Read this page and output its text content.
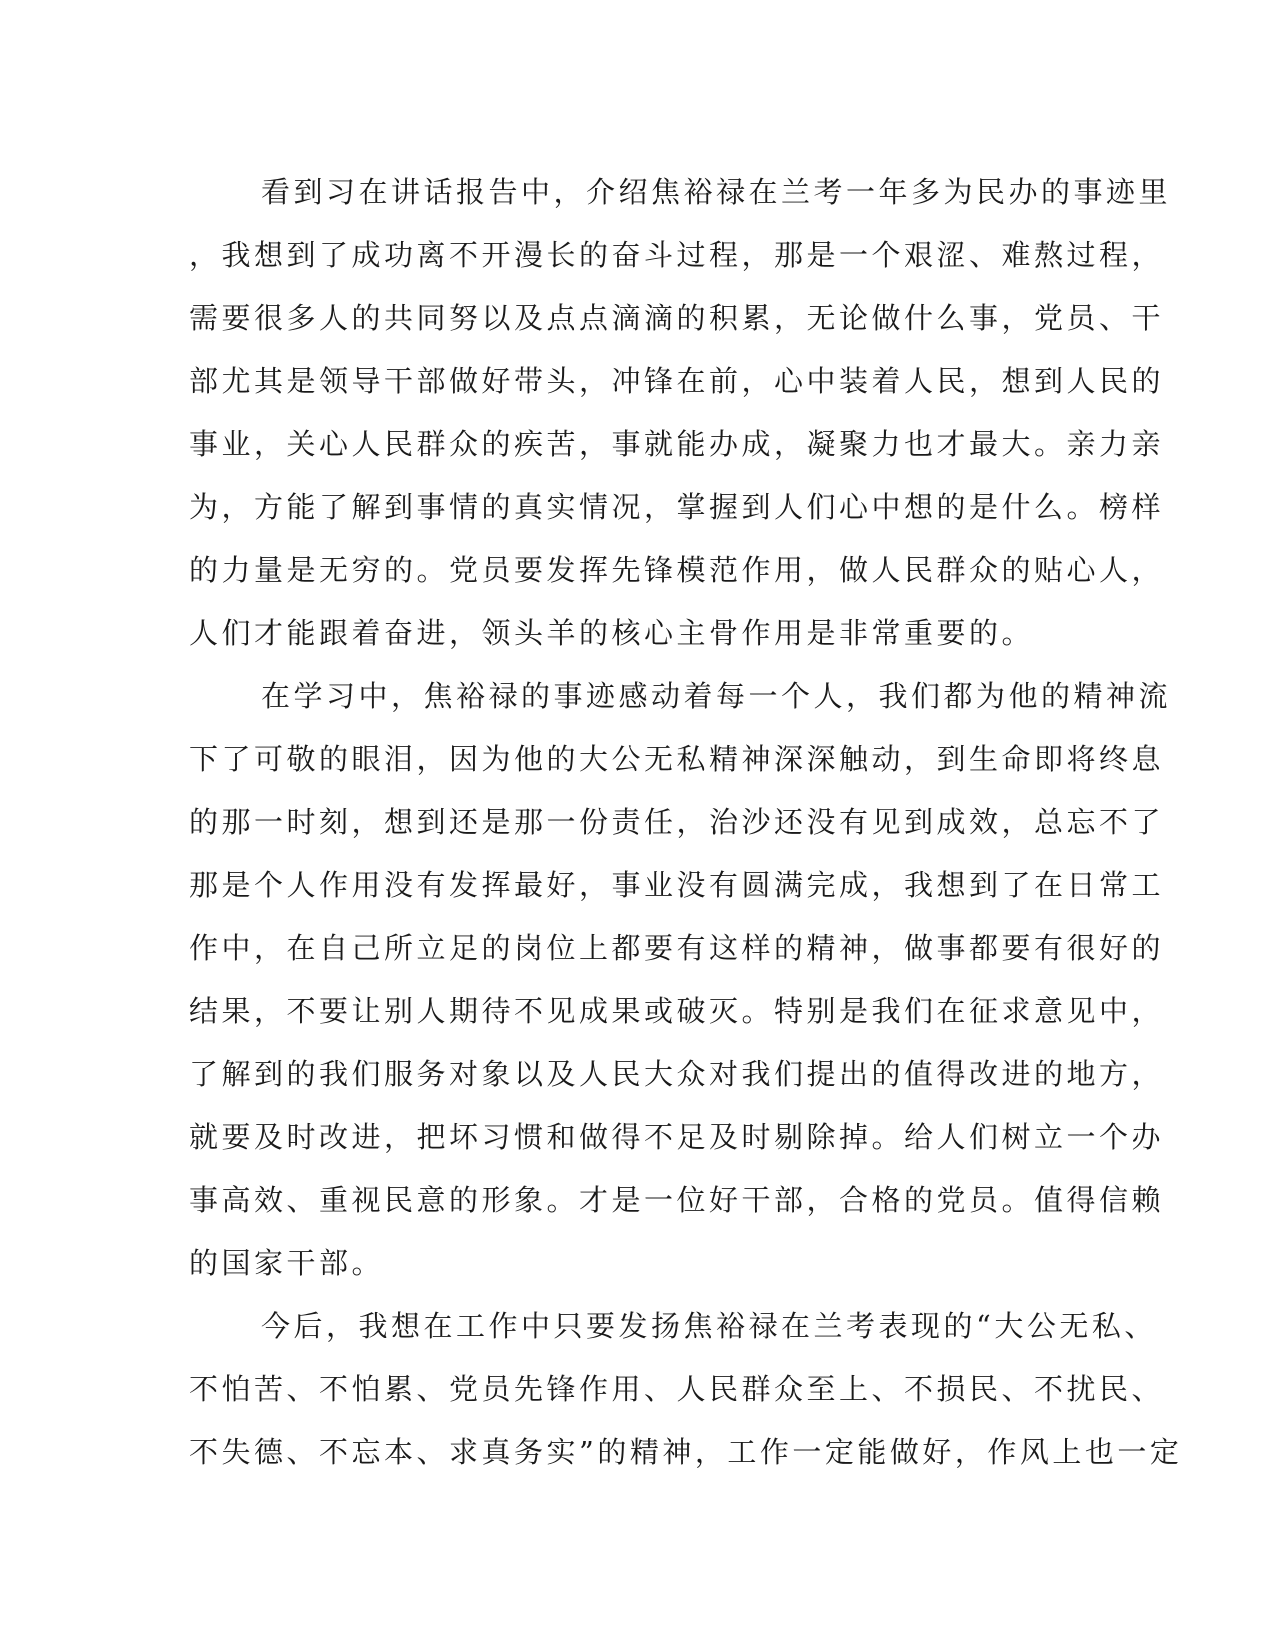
看到习在讲话报告中，介绍焦裕禄在兰考一年多为民办的事迹里
，我想到了成功离不开漫长的奋斗过程，那是一个艰涩、难熬过程，
需要很多人的共同努以及点点滴滴的积累，无论做什么事，党员、干
部尤其是领导干部做好带头，冲锋在前，心中装着人民，想到人民的
事业，关心人民群众的疾苦，事就能办成，凝聚力也才最大。亲力亲
为，方能了解到事情的真实情况，掌握到人们心中想的是什么。榜样
的力量是无穷的。党员要发挥先锋模范作用，做人民群众的贴心人，
人们才能跟着奋进，领头羊的核心主骨作用是非常重要的。
在学习中，焦裕禄的事迹感动着每一个人，我们都为他的精神流
下了可敬的眼泪，因为他的大公无私精神深深触动，到生命即将终息
的那一时刻，想到还是那一份责任，治沙还没有见到成效，总忘不了
那是个人作用没有发挥最好，事业没有圆满完成，我想到了在日常工
作中，在自己所立足的岗位上都要有这样的精神，做事都要有很好的
结果，不要让别人期待不见成果或破灭。特别是我们在征求意见中，
了解到的我们服务对象以及人民大众对我们提出的值得改进的地方，
就要及时改进，把坏习惯和做得不足及时剔除掉。给人们树立一个办
事高效、重视民意的形象。才是一位好干部，合格的党员。值得信赖
的国家干部。
今后，我想在工作中只要发扬焦裕禄在兰考表现的“大公无私、
不怕苦、不怕累、党员先锋作用、人民群众至上、不损民、不扰民、
不失德、不忘本、求真务实”的精神，工作一定能做好，作风上也一定
